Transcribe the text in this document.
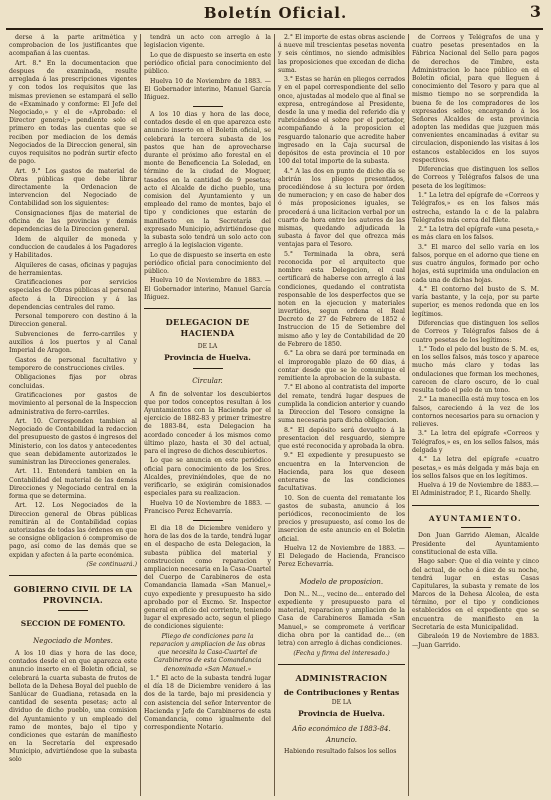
Boletín Oficial.	3

derse á la parte aritmética y comprobacion de los justificantes que acompañan á las cuentas.

Art. 8.° En la documentacion que despues de examinada, resulte arreglada á las prescripciones vigentes y con todos los requisitos que las mismas previenen se estampará el sello de «Examinado y conforme: El Jefe del Negociado,» y el de «Aprobado: el Director general;» pendiente solo el primero en todas las cuentas que se reciben por mediacion de los demás Negociados de la Direccion general, sin cuyos requisitos no podrán surtir efecto de pago.

Art. 9.° Los gastos de material de Obras públicas que debe librar directamente la Ordenacion de intervencion del Negociado de Contabilidad son los siguientes:

Consignaciones fijas de material de oficina de las provincias y demás dependencias de la Direccion general.

Idem de alquiler de moneda y conduccion de caudales á los Pagadores y Habilitados.

Alquileres de casas, oficinas y pagujas de herramientas.

Gratificaciones por servicios especiales de Obras públicas al personal afecto á la Direccion y á las dependencias centrales del ramo.

Personal temporero con destino á la Direccion general.

Subvenciones de ferro-carriles y auxilios á los puertos y al Canal Imperial de Aragon.

Gastos de personal facultativo y temporero de construcciones civiles.

Obligaciones fijas por obras concluidas.

Gratificaciones por gastos de movimiento al personal de la Inspeccion administrativa de ferro-carriles.

Art. 10. Corresponden tambien al Negociado de Contabilidad la redaccion del presupuesto de gastos é ingresos del Ministerio, con los datos y antecedentes que sean debidamente autorizados le suministran las Direcciones generales.

Art. 11. Entenderá tambien en la Contabilidad del material de las demás Direcciones y Negociado central en la forma que se determina.

Art. 12. Los Negociados de la Direccion general de Obras públicas remitirán al de Contabilidad copias autorizadas de todas las órdenes en que se consigne obligacion ó compromiso de pago, así como de las demás que se expidan y afecten á la parte económica.

(Se continuará.)

GOBIERNO CIVIL DE LA PROVINCIA.
SECCION DE FOMENTO.
Negociado de Montes.

A los 10 dias y hora de las doce, contados desde el en que aparezca este anuncio inserto en el Boletin oficial, se celebrará la cuarta subasta de frutos de bellota de la Dehesa Boyal del pueblo de Sanlúcar de Guadiana, retasada en la cantidad de sesenta pesetas; acto al dividuo de dicho pueblo, una comision del Ayuntamiento y un empleado del ramo de montes, bajo el tipo y condiciones que estarán de manifiesto en la Secretaría del expresado Municipio, advirtiéndose que la subasta solo

tendrá un acto con arreglo á la legislacion vigente.

Lo que de dispuesto se inserta en este periódico oficial para conocimiento del público.

Huelva 10 de Noviembre de 1883. —El Gobernador interino, Manuel García Iñiguez.

A los 10 dias y hora de las doce, contados desde el en que aparezca este anuncio inserto en el Boletin oficial, se celebrará la tercera subasta de los pastos que han de aprovecharse durante el próximo año forestal en el monte de Beneficencia La Soledad, en término de la ciudad de Moguer, tasados en la cantidad de 9 pesetas; acto el Alcalde de dicho pueblo, una comision del Ayuntamiento y un empleado del ramo de montes, bajo el tipo y condiciones que estarán de manifiesto en la Secretaría del expresado Municipio, advirtiéndose que la subasta solo tendrá un solo acto con arreglo á la legislacion vigente.

Lo que de dispuesto se inserta en este periódico oficial para conocimiento del público.

Huelva 10 de Noviembre de 1883. —El Gobernador interino, Manuel García Iñiguez.

DELEGACION DE HACIENDA
DE LA
Provincia de Huelva.
Circular.

A fin de solventar los descubiertos que por todos conceptos resultan á los Ayuntamientos con la Hacienda por el ejercicio de 1882-83 y primer trimestre de 1883-84, esta Delegacion ha acordado conceder á los mismos como último plazo, hasta el 30 del actual, para el ingreso de dichos descubiertos.

Lo que se anuncia en este periódico oficial para conocimiento de los Sres. Alcaldes, previniéndoles, que de no verificarlo, se exigirán comisionados especiales para su realizacion.

Huelva 10 de Noviembre de 1883. —Francisco Perez Echevarría.

El dia 18 de Diciembre venidero y hora de las dos de la tarde, tendrá lugar en el despacho de esta Delegacion, la subasta pública del material y construccion como reparacion y ampliacion necesaria en la Casa-Cuartel del Cuerpo de Carabineros de esta Comandancia llamada «San Manuel,» cuyo expediente y presupuesto ha sido aprobado por el Excmo. Sr. Inspector general en oficio del corriente, teniendo lugar el expresado acto, segun el pliego de condiciones siguiente:

Pliego de condiciones para la reparacion y ampliacion de las obras que necesita la Casa-Cuartel de Carabineros de esta Comandancia denominada «San Manuel.»

1.° El acto de la subasta tendrá lugar el día 18 de Diciembre venidero á las dos de la tarde, bajo mi presidencia y con asistencia del señor Interventor de Hacienda y Jefe de Carabineros de esta Comandancia, como igualmente del correspondiente Notario.

2.° El importe de estas obras asciende á nueve mil trescientas pesetas noventa y seis céntimos, no siendo admisibles las proposiciones que excedan de dicha suma.

3.° Estas se harán en pliegos cerrados y en el papel correspondiente del sello once, ajustadas al modelo que al final se expresa, entregándose al Presidente, desde la una y media del referido día y rubricándose el sobre por el portador, acompañando á la proposicion el resguardo talonario que acredite haber ingresado en la Caja sucursal de depósitos de esta provincia el 10 por 100 del total importe de la subasta.

4.° A las dos en punto de dicho día se abrirán los pliegos presentados, procediéndose á su lectura por órden de numeracion; y en caso de haber dos ó más proposiciones iguales, se procederá á una licitacion verbal por un cuarto de hora entre los autores de las mismas, quedando adjudicada la subasta á favor del que ofrezca más ventajas para el Tesoro.

5.° Terminada la obra, será reconocida por el arquitecto que nombre esta Delegacion, el cual certificará de haberse con arreglo á las condiciones, quedando el contratista responsable de los desperfectos que se noten en la ejecucion y materiales invertidos, segun ordena el Real Decreto de 27 de Febrero de 1852 é Instruccion de 15 de Setiembre del mismo año y ley de Contabilidad de 20 de Febrero de 1850.

6.° La obra se dará por terminada en el improrogable plazo de 60 dias, á contar desde que se le comunique el remitiente la aprobacion de la subasta.

7.° El abono al contratista del importe del remate, tendrá lugar despues de cumplida la condicion anterior y cuando la Direccion del Tesoro consigne la suma necesaria para dicha obligacion.

8.° El depósito será devuelto á la presentacion del resguardo, siempre que esté reconocida y aprobada la obra.

9.° El expediente y presupuesto se encuentra en la Intervencion de Hacienda, para los que deseen enterarse de las condiciones facultativas.

10. Son de cuenta del rematante los gastos de subasta, anuncio á los periódicos, reconocimiento de los precios y presupuesto, así como los de insercion de este anuncio en el Boletin oficial.

Huelva 12 de Noviembre de 1883. —El Delegado de Hacienda, Francisco Perez Echevarría.

Modelo de proposicion.

Don N... N..., vecino de... enterado del expediente y presupuesto para el material, reparacion y ampliacion de la Casa de Carabineros llamada «San Manuel,» se compromete á verificar dicha obra por la cantidad de... (en letra) con arreglo á dichas condiciones.

(Fecha y firma del interesado.)

ADMINISTRACION
de Contribuciones y Rentas
DE LA
Provincia de Huelva.
Año económico de 1883-84.
Anuncio.

Habiendo resultado falsos los sellos

de Correos y Telégrafos de una y cuatro pesetas presentados en la Fábrica Nacional del Sello para pagos de derechos de Timbre, esta Administracion lo hace público en el Boletin oficial, para que lleguen á conocimiento del Tesoro y para que al mismo tiempo no se sorprendida la buena fe de los compradores de los expresados sellos; encargando á los Señores Alcaldes de esta provincia adopten las medidas que juzguen más convenientes encaminadas á evitar su circulacion, disponiendo las visitas á los estancos establecidos en los suyos respectivos.

Diferencias que distinguen los sellos de Correos y Telégrafos falsos de una peseta de los legítimos:

1.° La letra del epígrafe de «Correos y Telégrafos,» es en los falsos más estrecha, estando la c de la palabra Telégrafos más cerca del filete.

2.° La letra del epígrafe «una peseta,» es más clara en los falsos.

3.° El marco del sello varía en los falsos, porque en el adorno que tiene en sus cuatro ángulos, formado por ocho hojas, está suprimida una ondulacion en cada una de dichas hojas.

4.° El contorno del busto de S. M. varía bastante, y la ceja, por su parte superior, es menos redonda que en los legítimos.

Diferencias que distinguen los sellos de Correos y Telégrafos falsos de á cuatro pesetas de los legítimos:

1.° Todo el pelo del busto de S. M. es, en los sellos falsos, más tosco y aparece mucho más claro y todas las ondulaciones que forman los mechones, carecen de claro oscuro, de lo cual resulta todo el pelo de un tono.

2.° La manecilla está muy tosca en los falsos, careciendo á la vez de los contornos necesarios para su ornacion y relieves.

3.° La letra del epígrafe «Correos y Telégrafos,» es, en los sellos falsos, más delgada y

4.° La letra del epígrafe «cuatro pesetas,» es más delgada y más baja en los sellos falsos que en los legítimos.

Huelva á 19 de Noviembre de 1883.—El Administrador, P. I., Ricardo Shelly.

AYUNTAMIENTO.

Don Juan Garrido Aleman, Alcalde Presidente del Ayuntamiento constitucional de esta villa.

Hago saber: Que el dia veinte y cinco del actual, de ocho á diez de su noche, tendrá lugar en estas Casas Capitulares, la subasta y remate de los Marcos de la Dehesa Alcolea, de esta término, por el tipo y condiciones establecidos en el expediente que se encuentra de manifiesto en la Secretaría de esta Municipalidad.

Gibraleón 19 de Noviembre de 1883.—Juan Garrido.
